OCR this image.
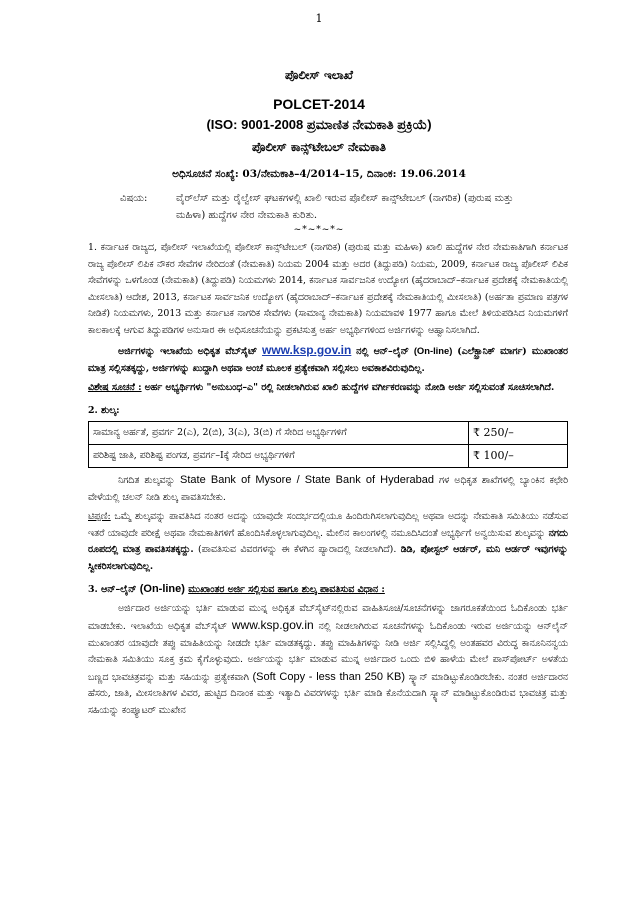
1
ಪೊಲೀಸ್ ಇಲಾಖೆ
POLCET-2014
(ISO: 9001-2008 ಪ್ರಮಾಣಿತ ನೇಮಕಾತಿ ಪ್ರಕ್ರಿಯೆ)
ಪೊಲೀಸ್ ಕಾನ್ಸ್‌ಟೇಬಲ್ ನೇಮಕಾತಿ
ಅಧಿಸೂಚನೆ ಸಂಖ್ಯೆ: 03/ನೇಮಕಾತಿ–4/2014–15, ದಿನಾಂಕ: 19.06.2014
ವಿಷಯ:	ವೈರ್‌ಲೆಸ್ ಮತ್ತು ರೈಲ್ವೇಸ್ ಘಟಕಗಳಲ್ಲಿ ಖಾಲಿ ಇರುವ ಪೊಲೀಸ್ ಕಾನ್ಸ್‌ಟೇಬಲ್ (ನಾಗರಿಕ) (ಪುರುಷ ಮತ್ತು ಮಹಿಳಾ) ಹುದ್ದೆಗಳ ನೇರ ನೇಮಕಾತಿ ಕುರಿತು.
~*~*~*~

1. ಕರ್ನಾಟಕ ರಾಜ್ಯದ, ಪೊಲೀಸ್ ಇಲಾಖೆಯಲ್ಲಿ ಪೊಲೀಸ್ ಕಾನ್ಸ್‌ಟೇಬಲ್ (ನಾಗರಿಕ) (ಪುರುಷ ಮತ್ತು ಮಹಿಳಾ) ಖಾಲಿ ಹುದ್ದೆಗಳ ನೇರ ನೇಮಕಾತಿಗಾಗಿ ಕರ್ನಾಟಕ ರಾಜ್ಯ ಪೊಲೀಸ್ ಲಿಪಿಕ ನೌಕರ ಸೇವೆಗಳ ನೇರಿದಂತೆ (ನೇಮಕಾತಿ) ನಿಯಮ 2004 ಮತ್ತು ಅದರ (ತಿದ್ದುಪಡಿ) ನಿಯಮ, 2009, ಕರ್ನಾಟಕ ರಾಜ್ಯ ಪೊಲೀಸ್ ಲಿಪಿಕ ಸೇವೆಗಳನ್ನು ಒಳಗೊಂಡ (ನೇಮಕಾತಿ) (ತಿದ್ದುಪಡಿ) ನಿಯಮಗಳು 2014, ಕರ್ನಾಟಕ ಸಾರ್ವಜನಿಕ ಉದ್ಯೋಗ (ಹೈದರಾಬಾದ್–ಕರ್ನಾಟಕ ಪ್ರದೇಶಕ್ಕೆ ನೇಮಕಾತಿಯಲ್ಲಿ ಮೀಸಲಾತಿ) ಆದೇಶ, 2013, ಕರ್ನಾಟಕ ಸಾರ್ವಜನಿಕ ಉದ್ಯೋಗ (ಹೈದರಾಬಾದ್–ಕರ್ನಾಟಕ ಪ್ರದೇಶಕ್ಕೆ ನೇಮಕಾತಿಯಲ್ಲಿ ಮೀಸಲಾತಿ) (ಅರ್ಹತಾ ಪ್ರಮಾಣ ಪತ್ರಗಳ ನೀಡಿಕೆ) ನಿಯಮಗಳು, 2013 ಮತ್ತು ಕರ್ನಾಟಕ ನಾಗರಿಕ ಸೇವೆಗಳು (ಸಾಮಾನ್ಯ ನೇಮಕಾತಿ) ನಿಯಮಾವಳಿ 1977 ಹಾಗೂ ಮೇಲೆ ತಿಳಿಯಪಡಿಸಿದ ನಿಯಮಗಳಿಗೆ ಕಾಲಕಾಲಕ್ಕೆ ಆಗುವ ತಿದ್ದುಪಡಿಗಳ ಅನುಸಾರ ಈ ಅಧಿಸೂಚನೆಯನ್ನು ಪ್ರಕಟಿಸುತ್ತ ಅರ್ಹ ಅಭ್ಯರ್ಥಿಗಳಿಂದ ಅರ್ಜಿಗಳನ್ನು ಆಹ್ವಾನಿಸಲಾಗಿದೆ.

ಅರ್ಜಿಗಳನ್ನು ಇಲಾಖೆಯ ಅಧಿಕೃತ ವೆಬ್‌ಸೈಟ್ www.ksp.gov.in ನಲ್ಲಿ ಆನ್–ಲೈನ್ (On-line) (ಎಲೆಕ್ಟ್ರಾನಿಕ್ ಮಾರ್ಗ) ಮುಖಾಂತರ ಮಾತ್ರ ಸಲ್ಲಿಸತಕ್ಕದ್ದು, ಅರ್ಜಿಗಳನ್ನು ಖುದ್ದಾಗಿ ಅಥವಾ ಅಂಚೆ ಮೂಲಕ ಪ್ರತ್ಯೇಕವಾಗಿ ಸಲ್ಲಿಸಲು ಅವಕಾಶವಿರುವುದಿಲ್ಲ.

ವಿಶೇಷ ಸೂಚನೆ : ಅರ್ಹ ಅಭ್ಯರ್ಥಿಗಳು "ಅನುಬಂಧ–ಎ" ರಲ್ಲಿ ನೀಡಲಾಗಿರುವ ಖಾಲಿ ಹುದ್ದೆಗಳ ವರ್ಗೀಕರಣವನ್ನು ನೋಡಿ ಅರ್ಜಿ ಸಲ್ಲಿಸುವಂತೆ ಸೂಚಿಸಲಾಗಿದೆ.

2. ಶುಲ್ಕ:
ಸಾಮಾನ್ಯ ಅರ್ಹತೆ, ಪ್ರವರ್ಗ 2(ಎ), 2(ಬಿ), 3(ಎ), 3(ಬಿ) ಗೆ ಸೇರಿದ ಅಭ್ಯರ್ಥಿಗಳಿಗೆ	₹ 250/–
ಪರಿಶಿಷ್ಟ ಜಾತಿ, ಪರಿಶಿಷ್ಟ ಪಂಗಡ, ಪ್ರವರ್ಗ–Iಕ್ಕೆ ಸೇರಿದ ಅಭ್ಯರ್ಥಿಗಳಿಗೆ	₹ 100/–

ನಿಗದಿತ ಶುಲ್ಕವನ್ನು State Bank of Mysore / State Bank of Hyderabad ಗಳ ಅಧಿಕೃತ ಶಾಖೆಗಳಲ್ಲಿ ಬ್ಯಾಂಕಿನ ಕಛೇರಿ ವೇಳೆಯಲ್ಲಿ ಚಲನ್ ನೀಡಿ ಶುಲ್ಕ ಪಾವತಿಸಬೇಕು.

ಟಿಪ್ಪಣಿ: ಒಮ್ಮೆ ಶುಲ್ಕವನ್ನು ಪಾವತಿಸಿದ ನಂತರ ಅದನ್ನು ಯಾವುದೇ ಸಂದರ್ಭದಲ್ಲಿಯೂ ಹಿಂದಿರುಗಿಸಲಾಗುವುದಿಲ್ಲ ಅಥವಾ ಅದನ್ನು ನೇಮಕಾತಿ ಸಮಿತಿಯು ನಡೆಸುವ ಇತರೆ ಯಾವುದೇ ಪರೀಕ್ಷೆ ಅಥವಾ ನೇಮಕಾತಿಗಳಿಗೆ ಹೊಂದಿಸಿಕೊಳ್ಳಲಾಗುವುದಿಲ್ಲ. ಮೇಲಿನ ಕಾಲಂಗಳಲ್ಲಿ ನಮೂದಿಸಿದಂತೆ ಅಭ್ಯರ್ಥಿಗೆ ಅನ್ವಯಿಸುವ ಶುಲ್ಕವನ್ನು ನಗದು ರೂಪದಲ್ಲಿ ಮಾತ್ರ ಪಾವತಿಸತಕ್ಕದ್ದು. (ಪಾವತಿಸುವ ವಿವರಗಳನ್ನು ಈ ಕೆಳಗಿನ ಪ್ಯಾರಾದಲ್ಲಿ ನೀಡಲಾಗಿದೆ). ಡಿಡಿ, ಪೋಸ್ಟಲ್ ಆರ್ಡರ್, ಮನಿ ಆರ್ಡರ್ ಇವುಗಳನ್ನು ಸ್ವೀಕರಿಸಲಾಗುವುದಿಲ್ಲ.

3. ಆನ್–ಲೈನ್ (On-line) ಮುಖಾಂತರ ಅರ್ಜಿ ಸಲ್ಲಿಸುವ ಹಾಗೂ ಶುಲ್ಕ ಪಾವತಿಸುವ ವಿಧಾನ :

ಅರ್ಜಿದಾರ ಅರ್ಜಿಯನ್ನು ಭರ್ತಿ ಮಾಡುವ ಮುನ್ನ ಅಧಿಕೃತ ವೆಬ್‌ಸೈಟ್‌ನಲ್ಲಿರುವ ವಾಹಿತಿಸೂಚಿ/ಸೂಚನೆಗಳನ್ನು ಜಾಗರೂಕತೆಯಿಂದ ಓದಿಕೊಂಡು ಭರ್ತಿ ಮಾಡಬೇಕು. ಇಲಾಖೆಯ ಅಧಿಕೃತ ವೆಬ್‌ಸೈಟ್ www.ksp.gov.in ನಲ್ಲಿ ನೀಡಲಾಗಿರುವ ಸೂಚನೆಗಳನ್ನು ಓದಿಕೊಂಡು ಇರುವ ಅರ್ಜಿಯನ್ನು ಆನ್‌ಲೈನ್ ಮುಖಾಂತರ ಯಾವುದೇ ತಪ್ಪು ಮಾಹಿತಿಯನ್ನು ನೀಡದೇ ಭರ್ತಿ ಮಾಡತಕ್ಕದ್ದು. ತಪ್ಪು ಮಾಹಿತಿಗಳನ್ನು ನೀಡಿ ಅರ್ಜಿ ಸಲ್ಲಿಸಿದ್ದಲ್ಲಿ ಅಂತಹವರ ವಿರುದ್ಧ ಕಾನೂನಿನನ್ವಯ ನೇಮಕಾತಿ ಸಮಿತಿಯು ಸೂಕ್ತ ಕ್ರಮ ಕೈಗೊಳ್ಳುವುದು. ಅರ್ಜಿಯನ್ನು ಭರ್ತಿ ಮಾಡುವ ಮುನ್ನ ಅರ್ಜಿದಾರ ಒಂದು ಬಿಳಿ ಹಾಳೆಯ ಮೇಲೆ ಪಾಸ್‌ಪೋರ್ಟ್ ಅಳತೆಯ ಬಣ್ಣದ ಭಾವಚಿತ್ರವನ್ನು ಮತ್ತು ಸಹಿಯನ್ನು ಪ್ರತ್ಯೇಕವಾಗಿ (Soft Copy - less than 250 KB) ಸ್ಕ್ಯಾನ್ ಮಾಡಿಟ್ಟುಕೊಂಡಿರಬೇಕು. ನಂತರ ಅರ್ಜಿದಾರನ ಹೆಸರು, ಜಾತಿ, ಮೀಸಲಾತಿಗಳ ವಿವರ, ಹುಟ್ಟಿದ ದಿನಾಂಕ ಮತ್ತು ಇತ್ಯಾದಿ ವಿವರಗಳನ್ನು ಭರ್ತಿ ಮಾಡಿ ಕೊನೆಯದಾಗಿ ಸ್ಕ್ಯಾನ್ ಮಾಡಿಟ್ಟುಕೊಂಡಿರುವ ಭಾವಚಿತ್ರ ಮತ್ತು ಸಹಿಯನ್ನು ಕಂಪ್ಯೂಟರ್ ಮುಖೇನ
